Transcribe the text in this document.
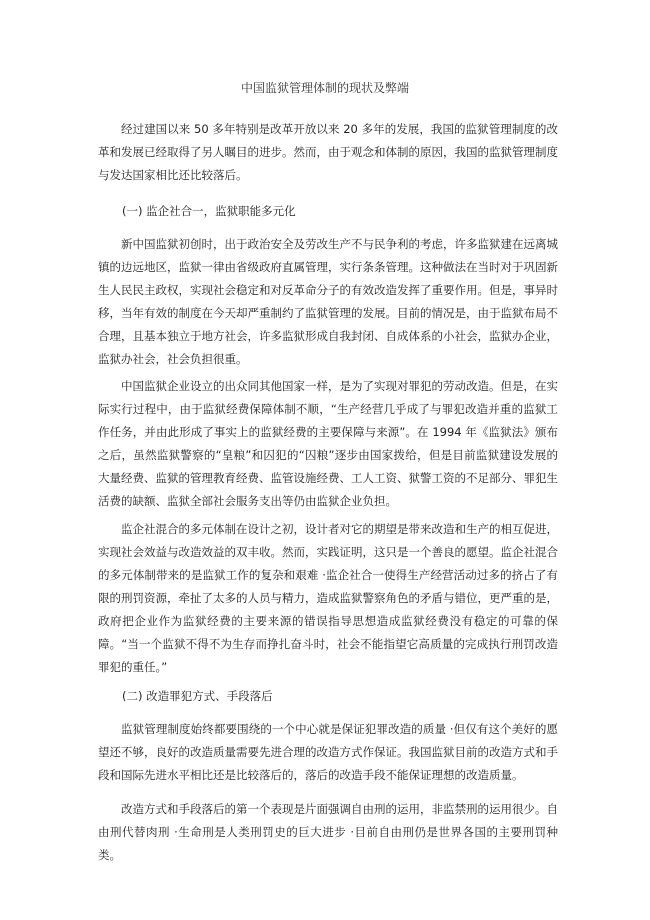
中国监狱管理体制的现状及弊端

经过建国以来 50 多年特别是改革开放以来 20 多年的发展，我国的监狱管理制度的改革和发展已经取得了另人瞩目的进步。然而，由于观念和体制的原因，我国的监狱管理制度与发达国家相比还比较落后。

(一) 监企社合一，监狱职能多元化

新中国监狱初创时，出于政治安全及劳改生产不与民争利的考虑，许多监狱建在远离城镇的边远地区，监狱一律由省级政府直属管理，实行条条管理。这种做法在当时对于巩固新生人民民主政权，实现社会稳定和对反革命分子的有效改造发挥了重要作用。但是，事异时移，当年有效的制度在今天却严重制约了监狱管理的发展。目前的情况是，由于监狱布局不合理，且基本独立于地方社会，许多监狱形成自我封闭、自成体系的小社会，监狱办企业，监狱办社会，社会负担很重。

中国监狱企业设立的出众同其他国家一样，是为了实现对罪犯的劳动改造。但是，在实际实行过程中，由于监狱经费保障体制不顺，“生产经营几乎成了与罪犯改造并重的监狱工作任务，并由此形成了事实上的监狱经费的主要保障与来源”。在 1994 年《监狱法》颁布之后，虽然监狱警察的“皇粮”和囚犯的“囚粮”逐步由国家拨给，但是目前监狱建设发展的大量经费、监狱的管理教育经费、监管设施经费、工人工资、狱警工资的不足部分、罪犯生活费的缺额、监狱全部社会服务支出等仍由监狱企业负担。

监企社混合的多元体制在设计之初，设计者对它的期望是带来改造和生产的相互促进，实现社会效益与改造效益的双丰收。然而，实践证明，这只是一个善良的愿望。监企社混合的多元体制带来的是监狱工作的复杂和艰难 ·监企社合一使得生产经营活动过多的挤占了有限的刑罚资源，牵扯了太多的人员与精力，造成监狱警察角色的矛盾与错位，更严重的是，政府把企业作为监狱经费的主要来源的错误指导思想造成监狱经费没有稳定的可靠的保障。“当一个监狱不得不为生存而挣扎奋斗时，社会不能指望它高质量的完成执行刑罚改造罪犯的重任。”

(二) 改造罪犯方式、手段落后

监狱管理制度始终都要围绕的一个中心就是保证犯罪改造的质量 ·但仅有这个美好的愿望还不够，良好的改造质量需要先进合理的改造方式作保证。我国监狱目前的改造方式和手段和国际先进水平相比还是比较落后的，落后的改造手段不能保证理想的改造质量。

改造方式和手段落后的第一个表现是片面强调自由刑的运用，非监禁刑的运用很少。自由刑代替肉刑 ·生命刑是人类刑罚史的巨大进步 ·目前自由刑仍是世界各国的主要刑罚种类。
